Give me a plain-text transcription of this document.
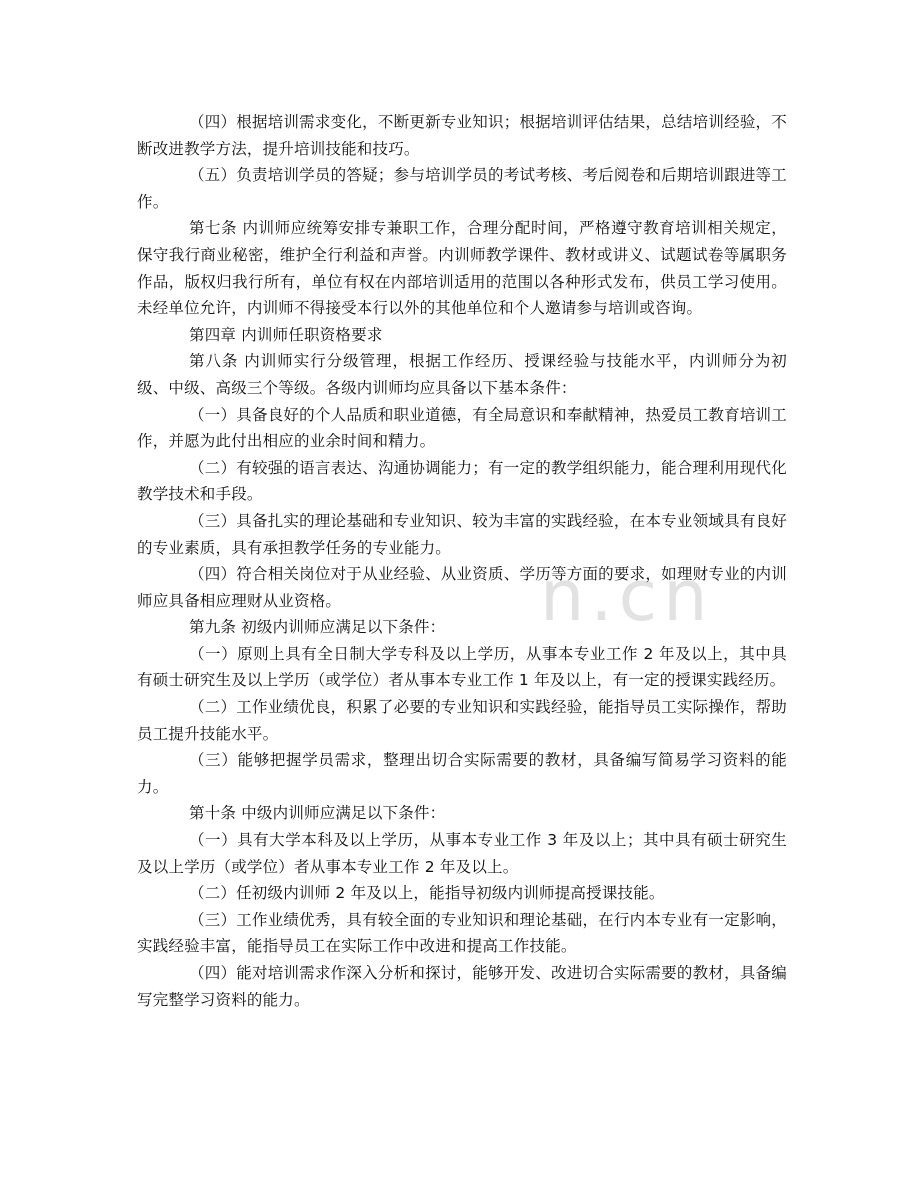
n.cn

（四）根据培训需求变化，不断更新专业知识；根据培训评估结果，总结培训经验，不断改进教学方法，提升培训技能和技巧。

（五）负责培训学员的答疑；参与培训学员的考试考核、考后阅卷和后期培训跟进等工作。

第七条 内训师应统筹安排专兼职工作，合理分配时间，严格遵守教育培训相关规定，保守我行商业秘密，维护全行利益和声誉。内训师教学课件、教材或讲义、试题试卷等属职务作品，版权归我行所有，单位有权在内部培训适用的范围以各种形式发布，供员工学习使用。未经单位允许，内训师不得接受本行以外的其他单位和个人邀请参与培训或咨询。

第四章 内训师任职资格要求

第八条 内训师实行分级管理，根据工作经历、授课经验与技能水平，内训师分为初级、中级、高级三个等级。各级内训师均应具备以下基本条件：

（一）具备良好的个人品质和职业道德，有全局意识和奉献精神，热爱员工教育培训工作，并愿为此付出相应的业余时间和精力。

（二）有较强的语言表达、沟通协调能力；有一定的教学组织能力，能合理利用现代化教学技术和手段。

（三）具备扎实的理论基础和专业知识、较为丰富的实践经验，在本专业领域具有良好的专业素质，具有承担教学任务的专业能力。

（四）符合相关岗位对于从业经验、从业资质、学历等方面的要求，如理财专业的内训师应具备相应理财从业资格。

第九条 初级内训师应满足以下条件：

（一）原则上具有全日制大学专科及以上学历，从事本专业工作 2 年及以上，其中具有硕士研究生及以上学历（或学位）者从事本专业工作 1 年及以上，有一定的授课实践经历。

（二）工作业绩优良，积累了必要的专业知识和实践经验，能指导员工实际操作，帮助员工提升技能水平。

（三）能够把握学员需求，整理出切合实际需要的教材，具备编写简易学习资料的能力。

第十条 中级内训师应满足以下条件：

（一）具有大学本科及以上学历，从事本专业工作 3 年及以上；其中具有硕士研究生及以上学历（或学位）者从事本专业工作 2 年及以上。

（二）任初级内训师 2 年及以上，能指导初级内训师提高授课技能。

（三）工作业绩优秀，具有较全面的专业知识和理论基础，在行内本专业有一定影响，实践经验丰富，能指导员工在实际工作中改进和提高工作技能。

（四）能对培训需求作深入分析和探讨，能够开发、改进切合实际需要的教材，具备编写完整学习资料的能力。
